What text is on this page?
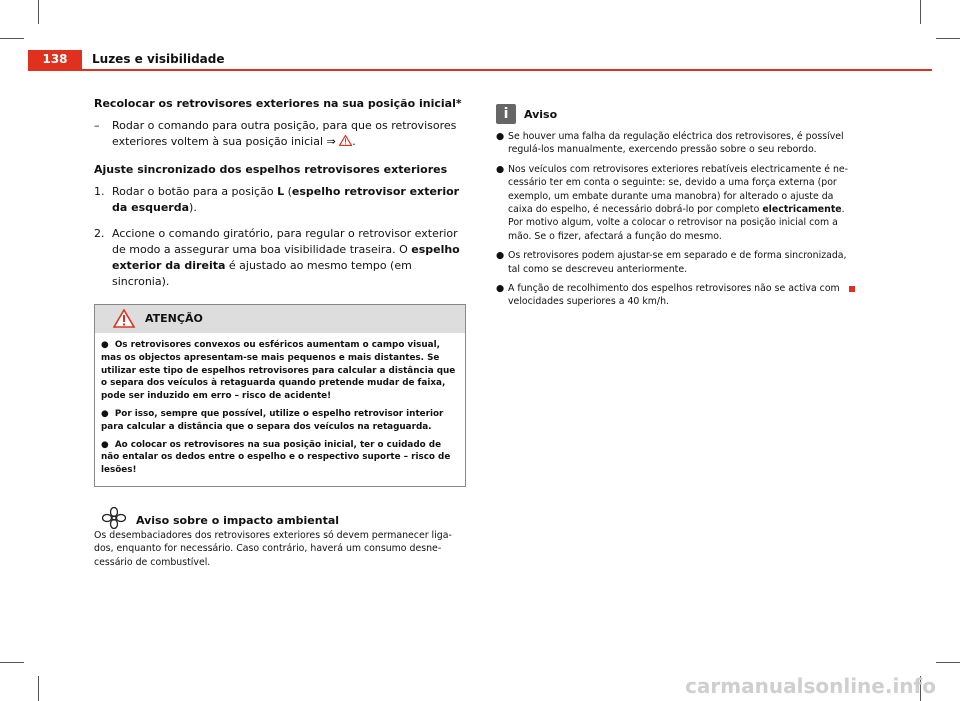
138	Luzes e visibilidade

Recolocar os retrovisores exteriores na sua posição inicial*

– Rodar o comando para outra posição, para que os retrovisores exteriores voltem à sua posição inicial ⇒ .

Ajuste sincronizado dos espelhos retrovisores exteriores

1. Rodar o botão para a posição L (espelho retrovisor exterior da esquerda).
2. Accione o comando giratório, para regular o retrovisor exterior de modo a assegurar uma boa visibilidade traseira. O espelho exterior da direita é ajustado ao mesmo tempo (em sincronia).
ATENÇÃO

● Os retrovisores convexos ou esféricos aumentam o campo visual, mas os objectos apresentam-se mais pequenos e mais distantes. Se utilizar este tipo de espelhos retrovisores para calcular a distância que o separa dos veículos à retaguarda quando pretende mudar de faixa, pode ser induzido em erro – risco de acidente!

● Por isso, sempre que possível, utilize o espelho retrovisor interior para calcular a distância que o separa dos veículos na retaguarda.

● Ao colocar os retrovisores na sua posição inicial, ter o cuidado de não entalar os dedos entre o espelho e o respectivo suporte – risco de lesões!

Aviso sobre o impacto ambiental
Os desembaciadores dos retrovisores exteriores só devem permanecer ligados, enquanto for necessário. Caso contrário, haverá um consumo desnecessário de combustível.
i	Aviso
● Se houver uma falha da regulação eléctrica dos retrovisores, é possível regulá-los manualmente, exercendo pressão sobre o seu rebordo.
● Nos veículos com retrovisores exteriores rebatíveis electricamente é necessário ter em conta o seguinte: se, devido a uma força externa (por exemplo, um embate durante uma manobra) for alterado o ajuste da caixa do espelho, é necessário dobrá-lo por completo electricamente. Por motivo algum, volte a colocar o retrovisor na posição inicial com a mão. Se o fizer, afectará a função do mesmo.
● Os retrovisores podem ajustar-se em separado e de forma sincronizada, tal como se descreveu anteriormente.
● A função de recolhimento dos espelhos retrovisores não se activa com velocidades superiores a 40 km/h.
carmanualsonline.info
